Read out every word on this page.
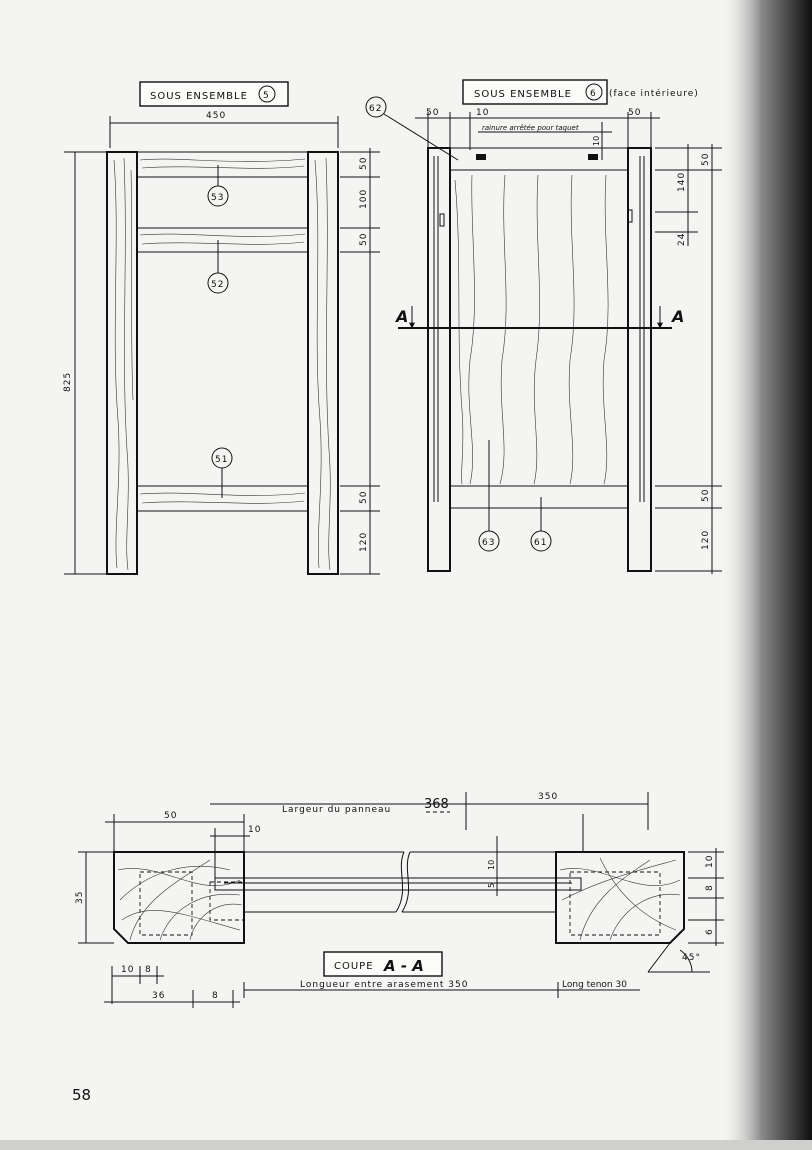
SOUS ENSEMBLE 5
450
825
53
52
51
50
100
50
50
120
SOUS ENSEMBLE 6 (face intérieure)
62	50	10	50
rainure arrêtée pour taquet
10
A	A
63	61
50
140
24
50
120
Largeur du panneau	368	350
50
10
10
5
10
8
6
35
45°
COUPE A - A
10 8
36	8
Longueur entre arasement 350	Long tenon 30
58
